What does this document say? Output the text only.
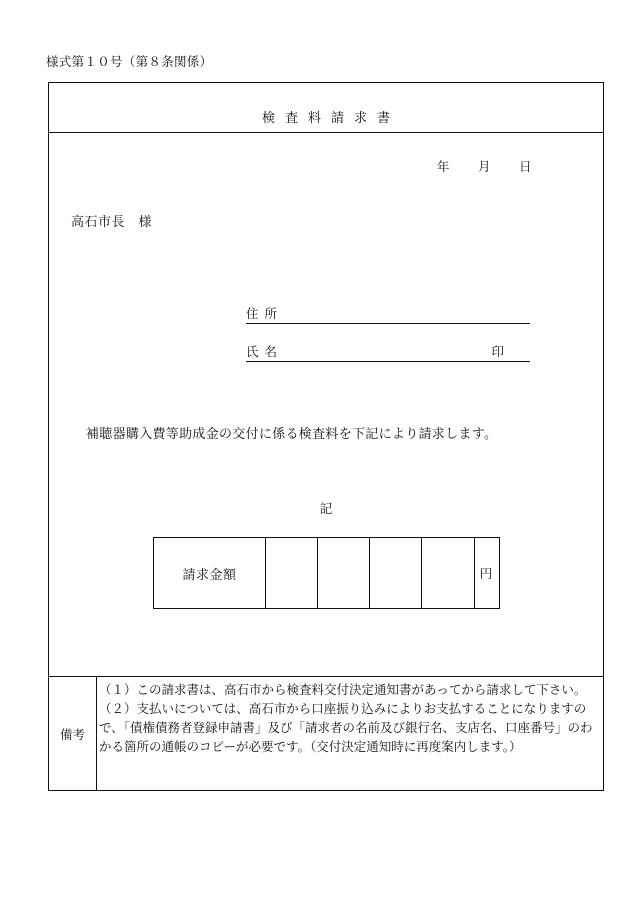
様式第１０号（第８条関係）
検査料請求書
年 月 日
高石市長　様
住所
氏名	印
補聴器購入費等助成金の交付に係る検査料を下記により請求します。
記
請求金額	円
備考

（１）この請求書は、高石市から検査料交付決定通知書があってから請求して下さい。

（２）支払いについては、高石市から口座振り込みによりお支払することになりますので、「債権債務者登録申請書」及び「請求者の名前及び銀行名、支店名、口座番号」のわかる箇所の通帳のコピーが必要です。（交付決定通知時に再度案内します。）
